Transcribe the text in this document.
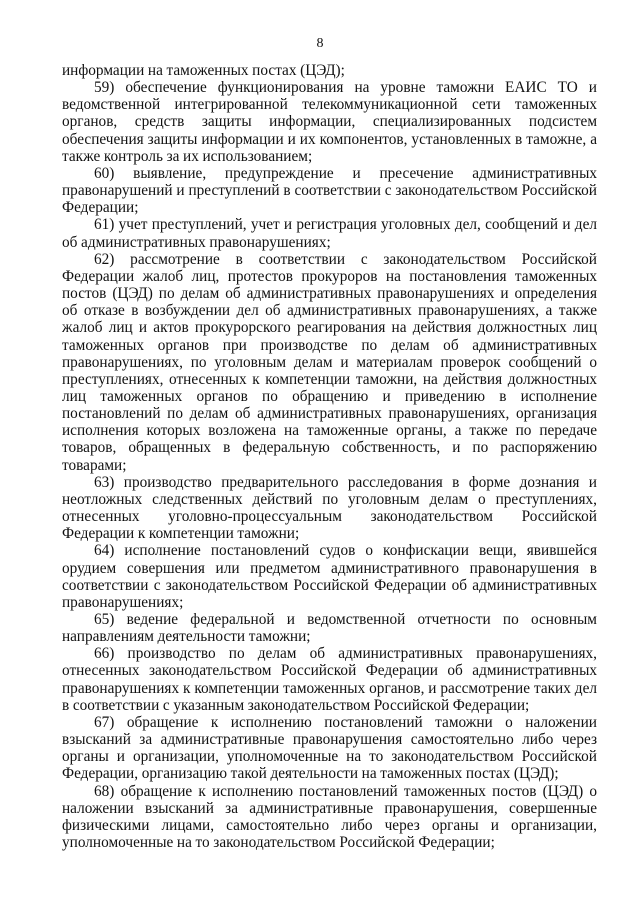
8

информации на таможенных постах (ЦЭД);

59) обеспечение функционирования на уровне таможни ЕАИС ТО и ведомственной интегрированной телекоммуникационной сети таможенных органов, средств защиты информации, специализированных подсистем обеспечения защиты информации и их компонентов, установленных в таможне, а также контроль за их использованием;

60) выявление, предупреждение и пресечение административных правонарушений и преступлений в соответствии с законодательством Российской Федерации;

61) учет преступлений, учет и регистрация уголовных дел, сообщений и дел об административных правонарушениях;

62) рассмотрение в соответствии с законодательством Российской Федерации жалоб лиц, протестов прокуроров на постановления таможенных постов (ЦЭД) по делам об административных правонарушениях и определения об отказе в возбуждении дел об административных правонарушениях, а также жалоб лиц и актов прокурорского реагирования на действия должностных лиц таможенных органов при производстве по делам об административных правонарушениях, по уголовным делам и материалам проверок сообщений о преступлениях, отнесенных к компетенции таможни, на действия должностных лиц таможенных органов по обращению и приведению в исполнение постановлений по делам об административных правонарушениях, организация исполнения которых возложена на таможенные органы, а также по передаче товаров, обращенных в федеральную собственность, и по распоряжению товарами;

63) производство предварительного расследования в форме дознания и неотложных следственных действий по уголовным делам о преступлениях, отнесенных уголовно-процессуальным законодательством Российской Федерации к компетенции таможни;

64) исполнение постановлений судов о конфискации вещи, явившейся орудием совершения или предметом административного правонарушения в соответствии с законодательством Российской Федерации об административных правонарушениях;

65) ведение федеральной и ведомственной отчетности по основным направлениям деятельности таможни;

66) производство по делам об административных правонарушениях, отнесенных законодательством Российской Федерации об административных правонарушениях к компетенции таможенных органов, и рассмотрение таких дел в соответствии с указанным законодательством Российской Федерации;

67) обращение к исполнению постановлений таможни о наложении взысканий за административные правонарушения самостоятельно либо через органы и организации, уполномоченные на то законодательством Российской Федерации, организацию такой деятельности на таможенных постах (ЦЭД);

68) обращение к исполнению постановлений таможенных постов (ЦЭД) о наложении взысканий за административные правонарушения, совершенные физическими лицами, самостоятельно либо через органы и организации, уполномоченные на то законодательством Российской Федерации;
